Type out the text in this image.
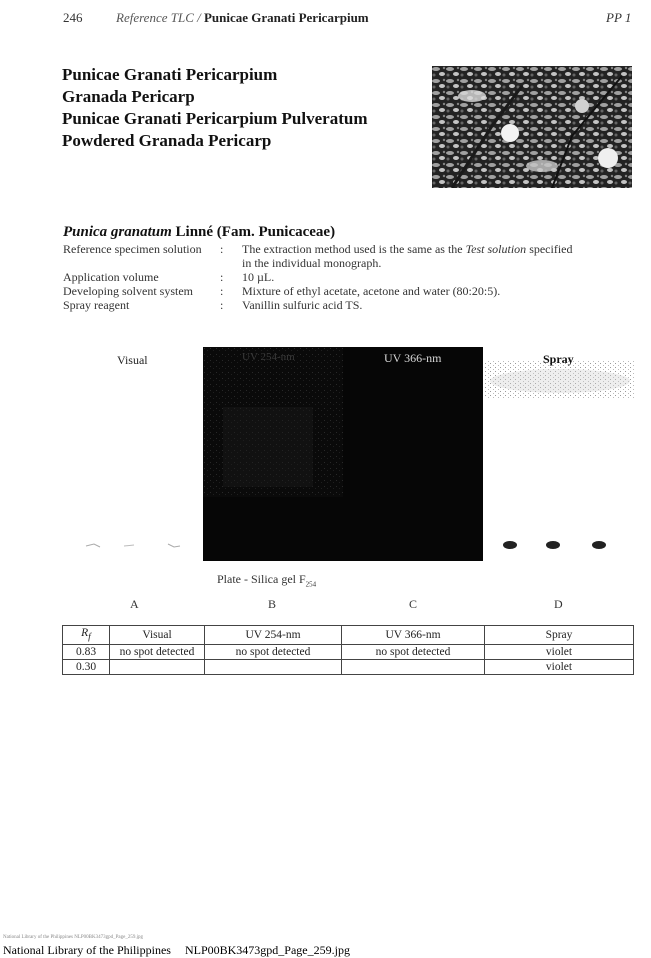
246	Reference TLC / Punicae Granati Pericarpium	PP 1
Punicae Granati Pericarpium
Granada Pericarp
Punicae Granati Pericarpium Pulveratum
Powdered Granada Pericarp
Punica granatum Linné (Fam. Punicaceae)
Reference specimen solution : The extraction method used is the same as the Test solution specified
in the individual monograph.
Application volume	: 10 µL.
Developing solvent system : Mixture of ethyl acetate, acetone and water (80:20:5).
Spray reagent	: Vanillin sulfuric acid TS.
Visual	UV 254-nm	UV 366-nm	Spray
Plate - Silica gel $F_{254}$
A	B	C	D
$R_f$	Visual	UV 254-nm	UV 366-nm	Spray
0.83	no spot detected	no spot detected	no spot detected	violet
0.30				violet
National Library of the Philippines NLP00BK3473gpd_Page_259.jpg
National Library of the Philippines NLP00BK3473gpd_Page_259.jpg
